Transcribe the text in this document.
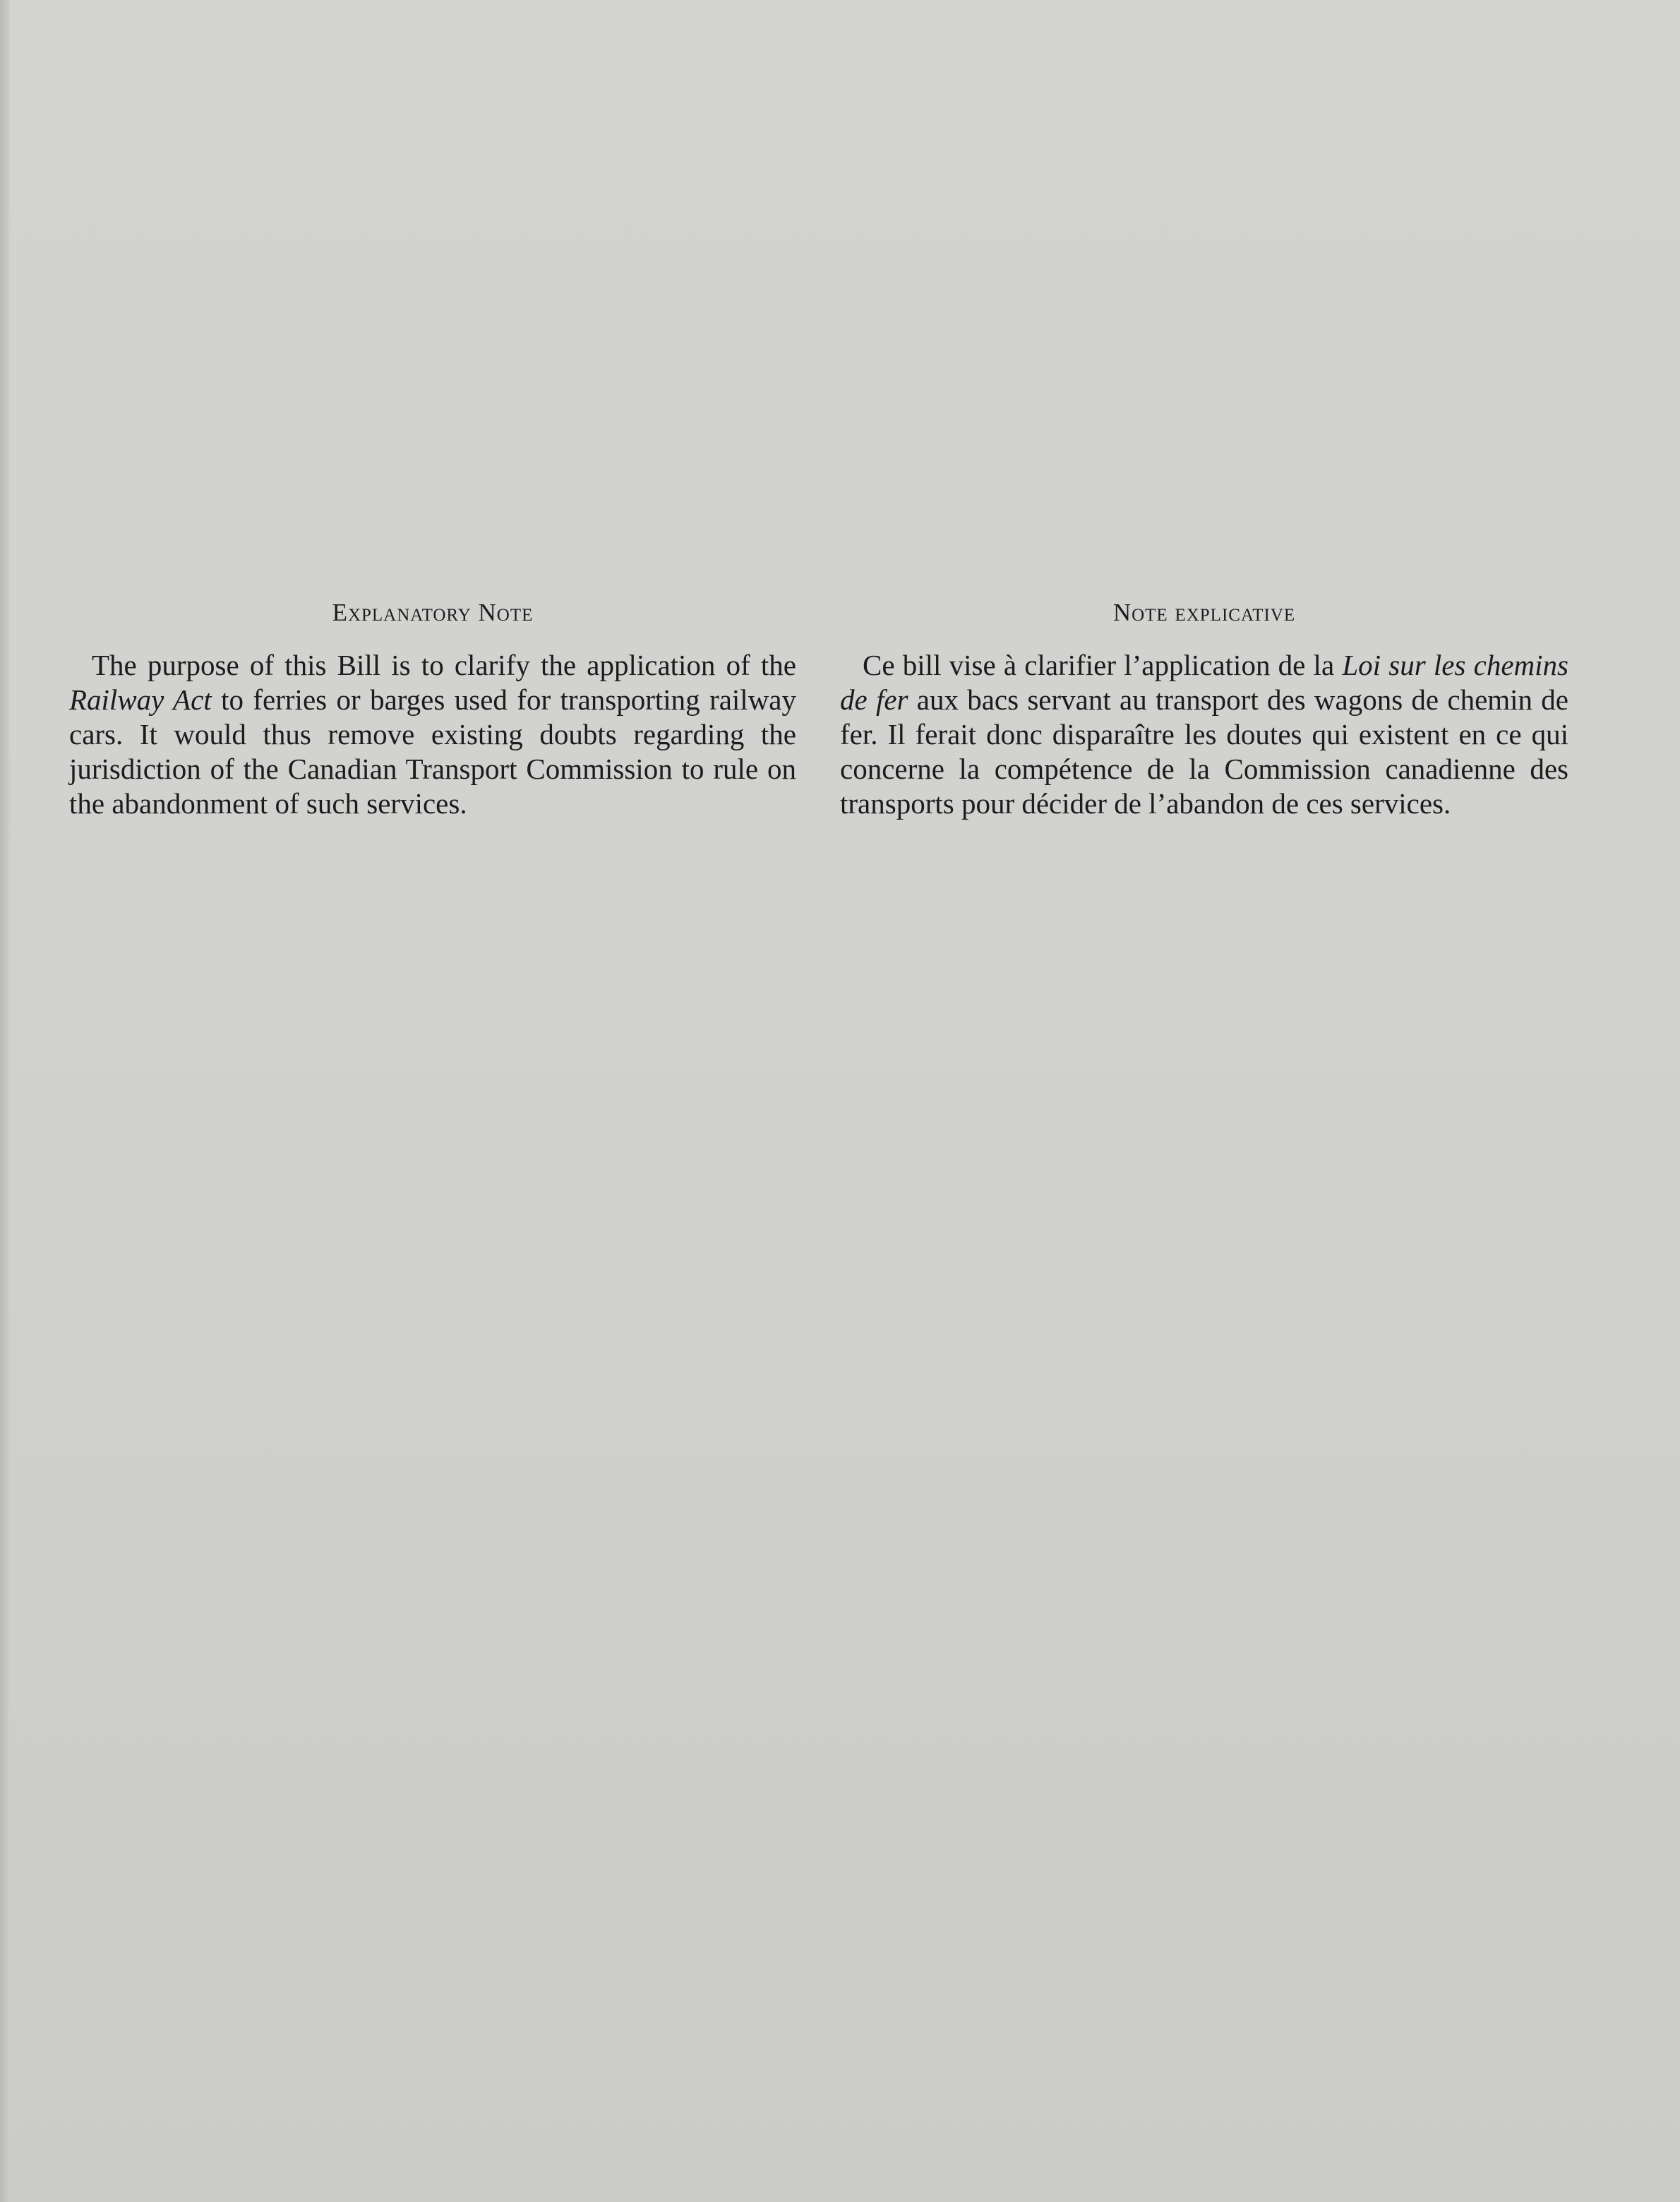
Explanatory Note

The purpose of this Bill is to clarify the application of the Railway Act to ferries or barges used for transporting railway cars. It would thus remove existing doubts regarding the jurisdiction of the Canadian Transport Commission to rule on the abandonment of such services.

Note explicative

Ce bill vise à clarifier l’application de la Loi sur les chemins de fer aux bacs servant au transport des wagons de chemin de fer. Il ferait donc disparaître les doutes qui existent en ce qui concerne la compétence de la Commission canadienne des transports pour décider de l’abandon de ces services.
